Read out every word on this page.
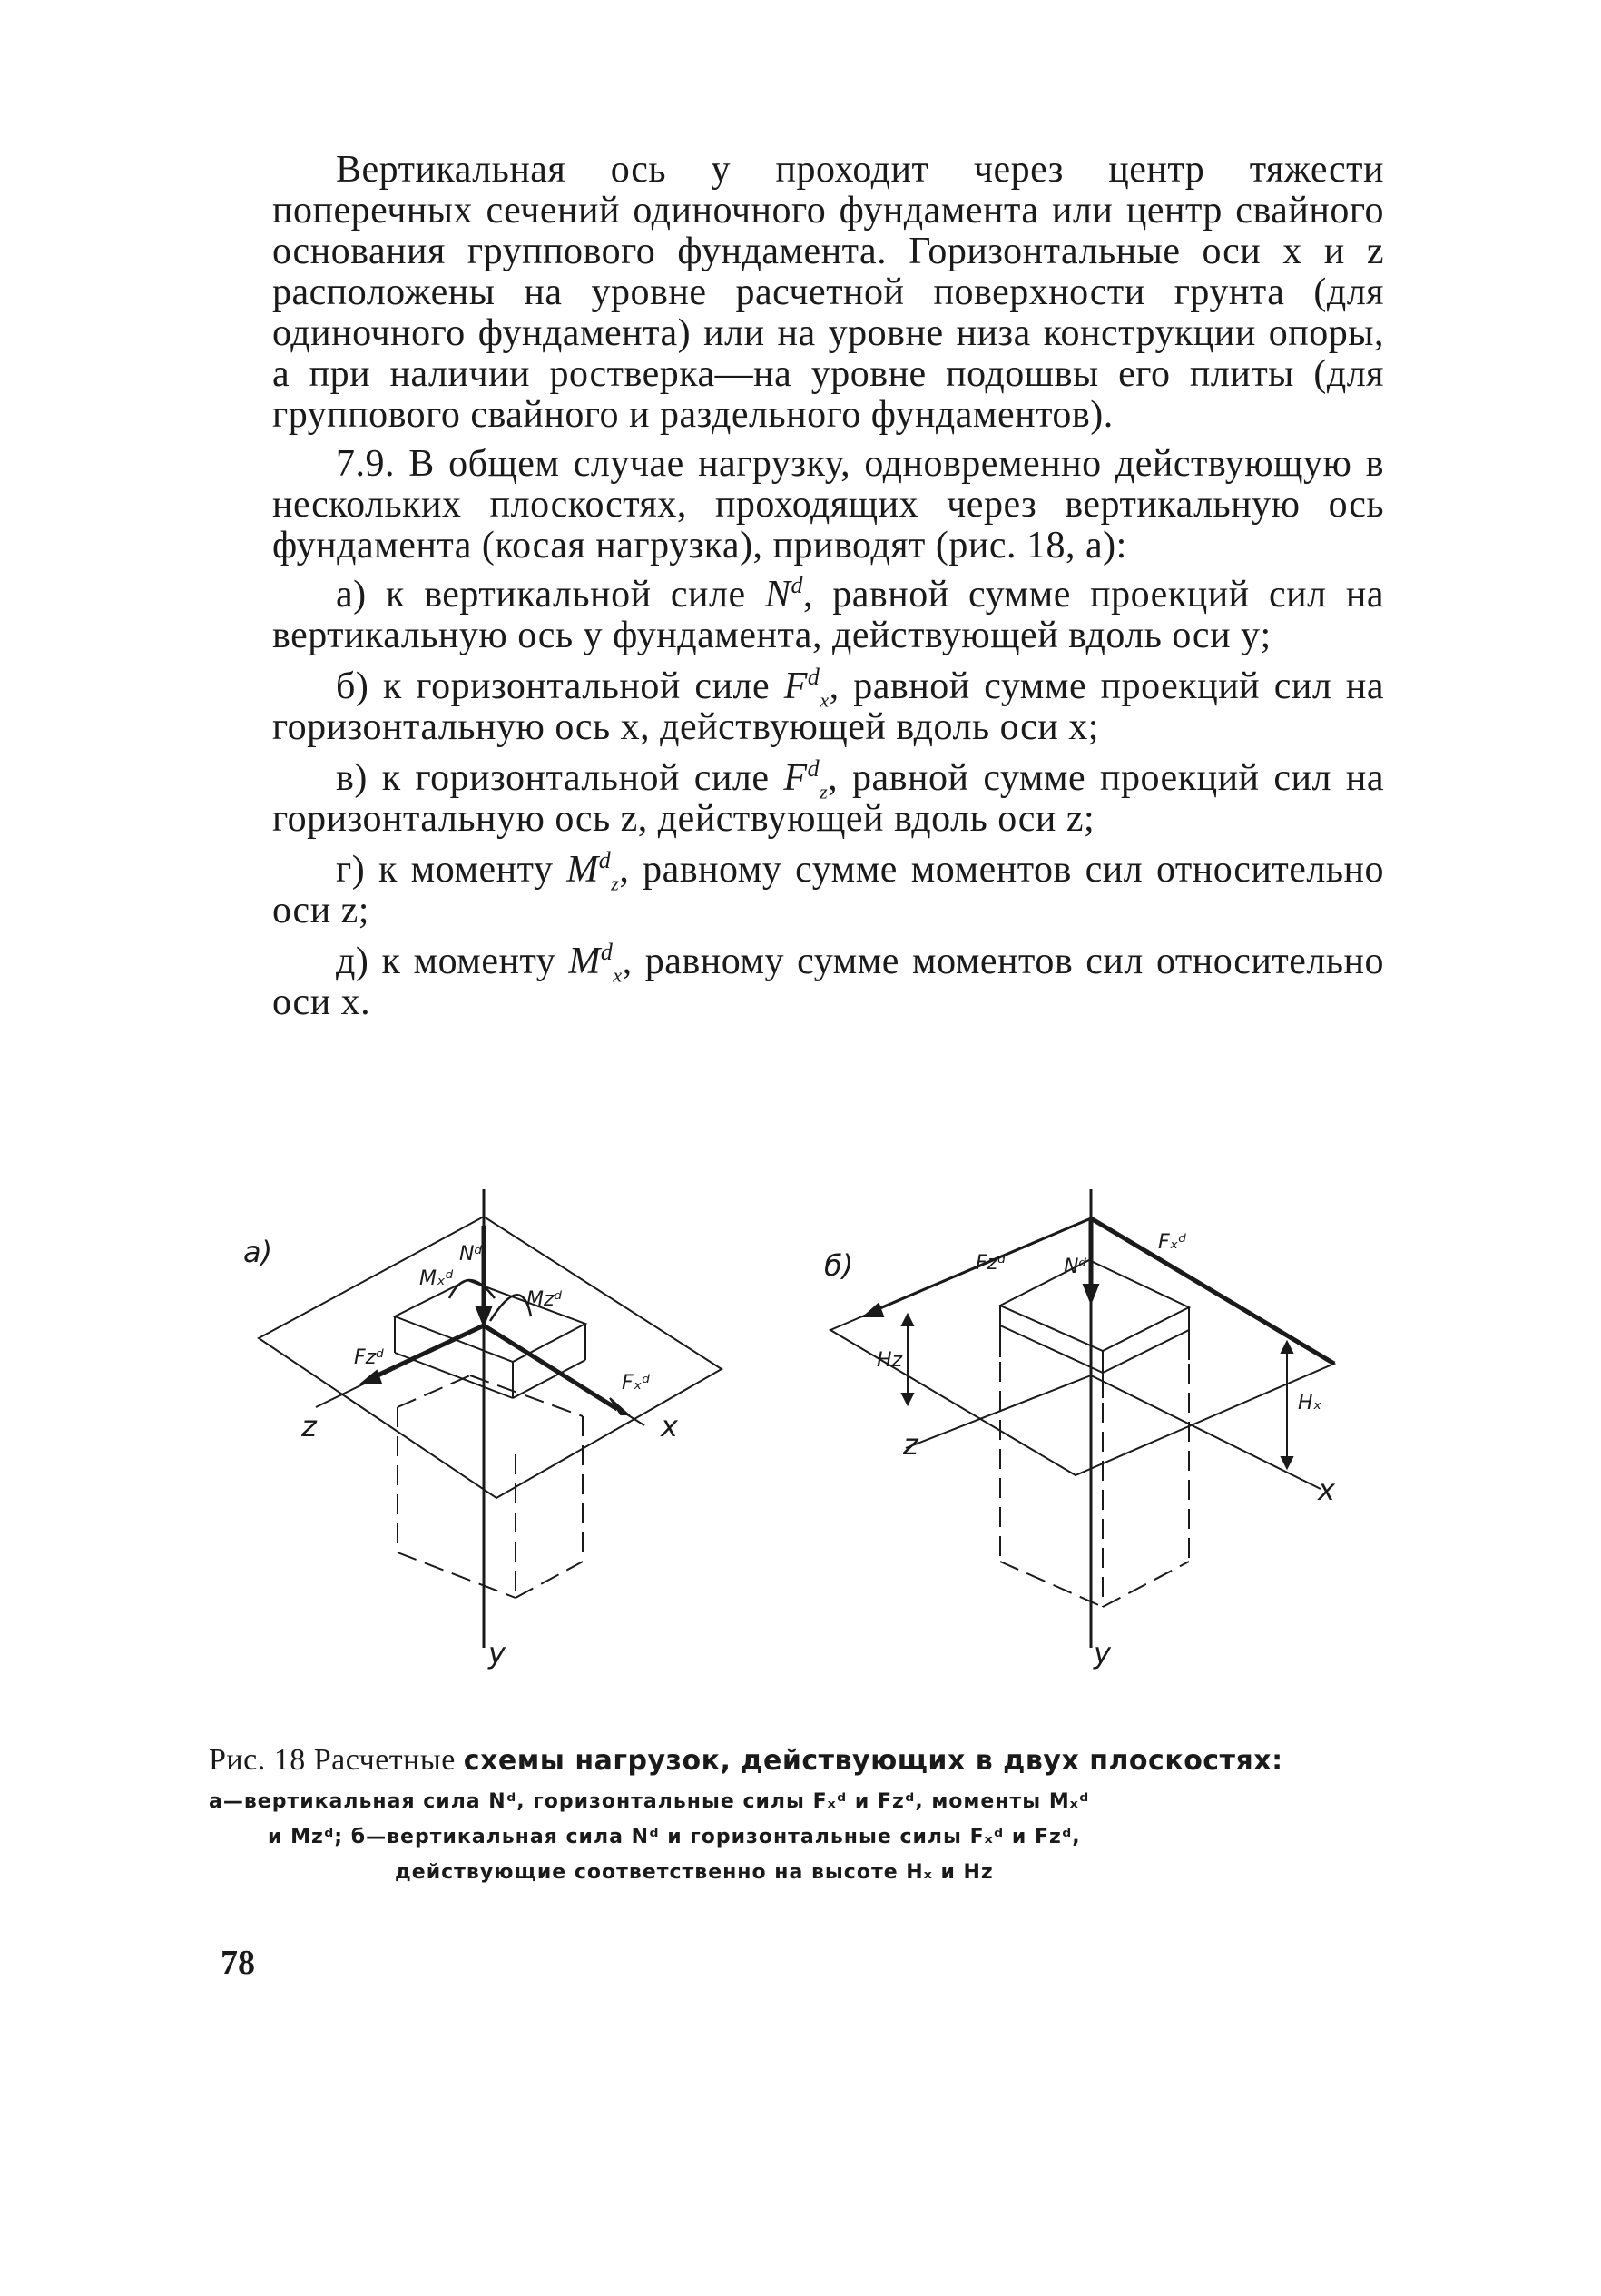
Вертикальная ось y проходит через центр тяжести поперечных сечений одиночного фундамента или центр свайного основания группового фундамента. Горизонтальные оси x и z расположены на уровне расчетной поверхности грунта (для одиночного фундамента) или на уровне низа конструкции опоры, а при наличии ростверка—на уровне подошвы его плиты (для группового свайного и раздельного фундаментов).

7.9. В общем случае нагрузку, одновременно действующую в нескольких плоскостях, проходящих через вертикальную ось фундамента (косая нагрузка), приводят (рис. 18, а):

а) к вертикальной силе $N^d$, равной сумме проекций сил на вертикальную ось y фундамента, действующей вдоль оси y;

б) к горизонтальной силе $F^d_x$, равной сумме проекций сил на горизонтальную ось x, действующей вдоль оси x;

в) к горизонтальной силе $F^d_z$, равной сумме проекций сил на горизонтальную ось z, действующей вдоль оси z;

г) к моменту $M^d_z$, равному сумме моментов сил относительно оси z;

д) к моменту $M^d_x$, равному сумме моментов сил относительно оси x.

а)	б)
y	y
x
x
z
z
Nᵈ
Nᵈ
Fₓᵈ
Fzᵈ
Fₓᵈ
Fzᵈ
Mₓᵈ
Mzᵈ
Hz
Hₓ
Рис. 18 Расчетные схемы нагрузок, действующих в двух плоскостях:
а—вертикальная сила Nᵈ, горизонтальные силы Fₓᵈ и Fzᵈ, моменты Mₓᵈ
и Mzᵈ; б—вертикальная сила Nᵈ и горизонтальные силы Fₓᵈ и Fzᵈ,
действующие соответственно на высоте Hₓ и Hz
78
